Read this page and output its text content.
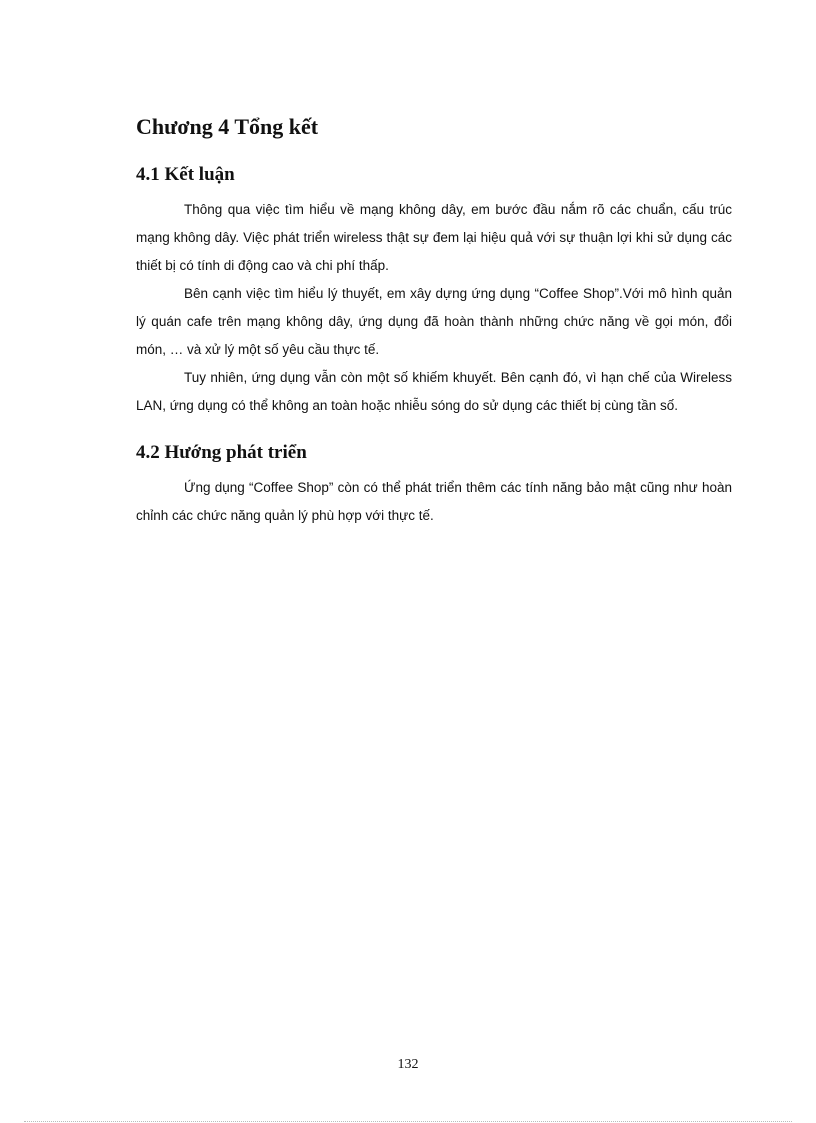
Chương 4 Tổng kết
4.1 Kết luận

Thông qua việc tìm hiểu về mạng không dây, em bước đầu nắm rõ các chuẩn, cấu trúc mạng không dây. Việc phát triển wireless thật sự đem lại hiệu quả với sự thuận lợi khi sử dụng các thiết bị có tính di động cao và chi phí thấp.

Bên cạnh việc tìm hiểu lý thuyết, em xây dựng ứng dụng “Coffee Shop”.Với mô hình quản lý quán cafe trên mạng không dây, ứng dụng đã hoàn thành những chức năng về gọi món, đổi món, … và xử lý một số yêu cầu thực tế.

Tuy nhiên, ứng dụng vẫn còn một số khiếm khuyết. Bên cạnh đó, vì hạn chế của Wireless LAN, ứng dụng có thể không an toàn hoặc nhiễu sóng do sử dụng các thiết bị cùng tần số.

4.2 Hướng phát triển

Ứng dụng “Coffee Shop” còn có thể phát triển thêm các tính năng bảo mật cũng như hoàn chỉnh các chức năng quản lý phù hợp với thực tế.

132
